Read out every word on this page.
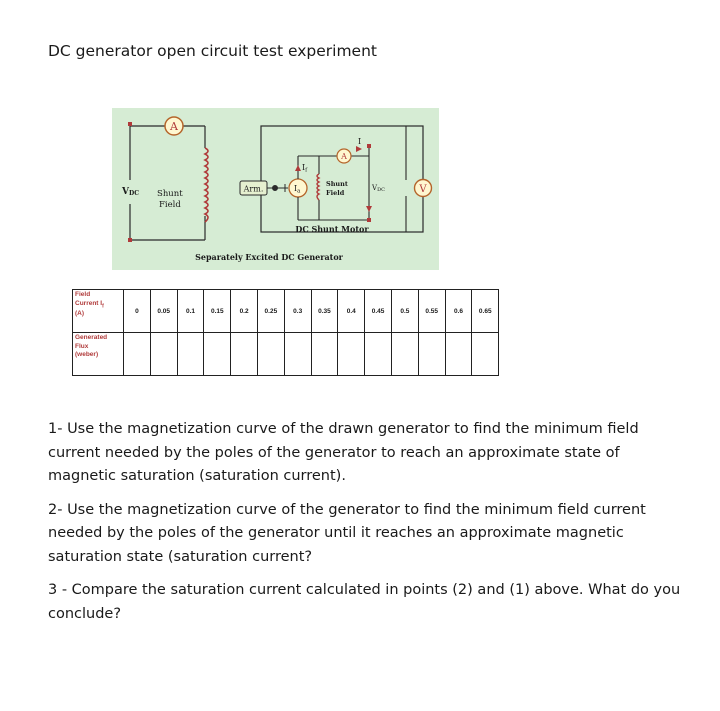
DC generator open circuit test experiment
A
VDC Shunt
Field
Arm.	Ia
If
I
A
Shunt
Field
VDC	V
DC Shunt Motor
Separately Excited DC Generator
Field
Current $I_f$
(A)	0	0.05	0.1	0.15	0.2	0.25	0.3	0.35	0.4	0.45	0.5	0.55	0.6	0.65

Generated
Flux
(weber)														

1- Use the magnetization curve of the drawn generator to find the minimum field current needed by the poles of the generator to reach an approximate state of magnetic saturation (saturation current).

2- Use the magnetization curve of the generator to find the minimum field current needed by the poles of the generator until it reaches an approximate magnetic saturation state (saturation current?

3 - Compare the saturation current calculated in points (2) and (1) above. What do you conclude?
